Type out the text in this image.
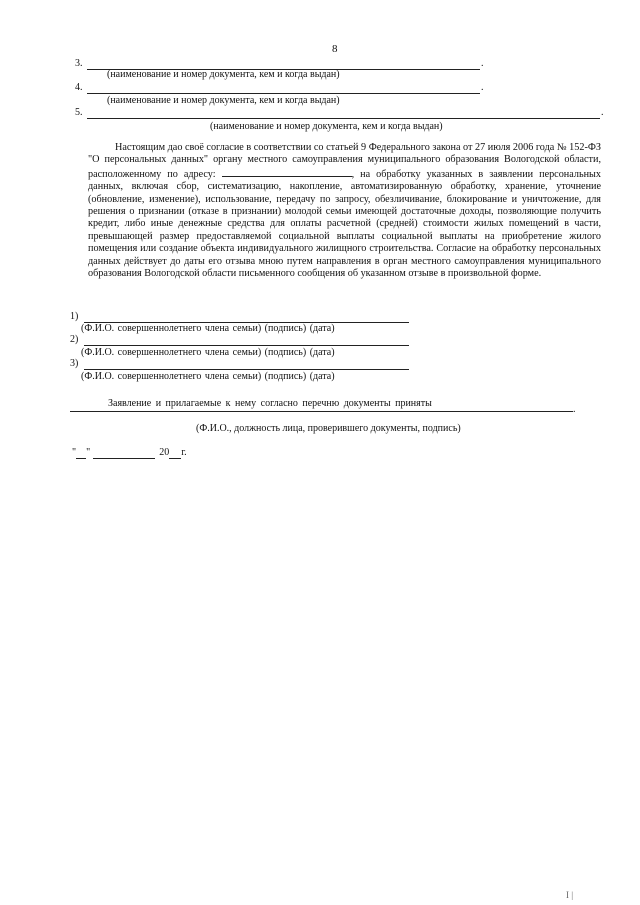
8
3.	.
(наименование и номер документа, кем и когда выдан)
4.	.
(наименование и номер документа, кем и когда выдан)
5.	.
(наименование и номер документа, кем и когда выдан)
Настоящим дао своё согласие в соответствии со статьей 9 Федерального закона от 27 июля 2006 года № 152-ФЗ "О персональных данных" органу местного самоуправления муниципального образования Вологодской области, расположенному по адресу:	, на обработку указанных в заявлении персональных данных, включая сбор, систематизацию, накопление, автоматизированную обработку, хранение, уточнение (обновление, изменение), использование, передачу по запросу, обезличивание, блокирование и уничтожение, для решения о признании (отказе в признании) молодой семьи имеющей достаточные доходы, позволяющие получить кредит, либо иные денежные средства для оплаты расчетной (средней) стоимости жилых помещений в части, превышающей размер предоставляемой социальной выплаты социальной выплаты на приобретение жилого помещения или создание объекта индивидуального жилищного строительства. Согласие на обработку персональных данных действует до даты его отзыва мною путем направления в орган местного самоуправления муниципального образования Вологодской области письменного сообщения об указанном отзыве в произвольной форме.
1)
(Ф.И.О. совершеннолетнего члена семьи) (подпись) (дата)
2)
(Ф.И.О. совершеннолетнего члена семьи) (подпись) (дата)
3)
(Ф.И.О. совершеннолетнего члена семьи) (подпись) (дата)
Заявление и прилагаемые к нему согласно перечню документы приняты
.
(Ф.И.О., должность лица, проверившего документы, подпись)
" "	20 г.
I |
